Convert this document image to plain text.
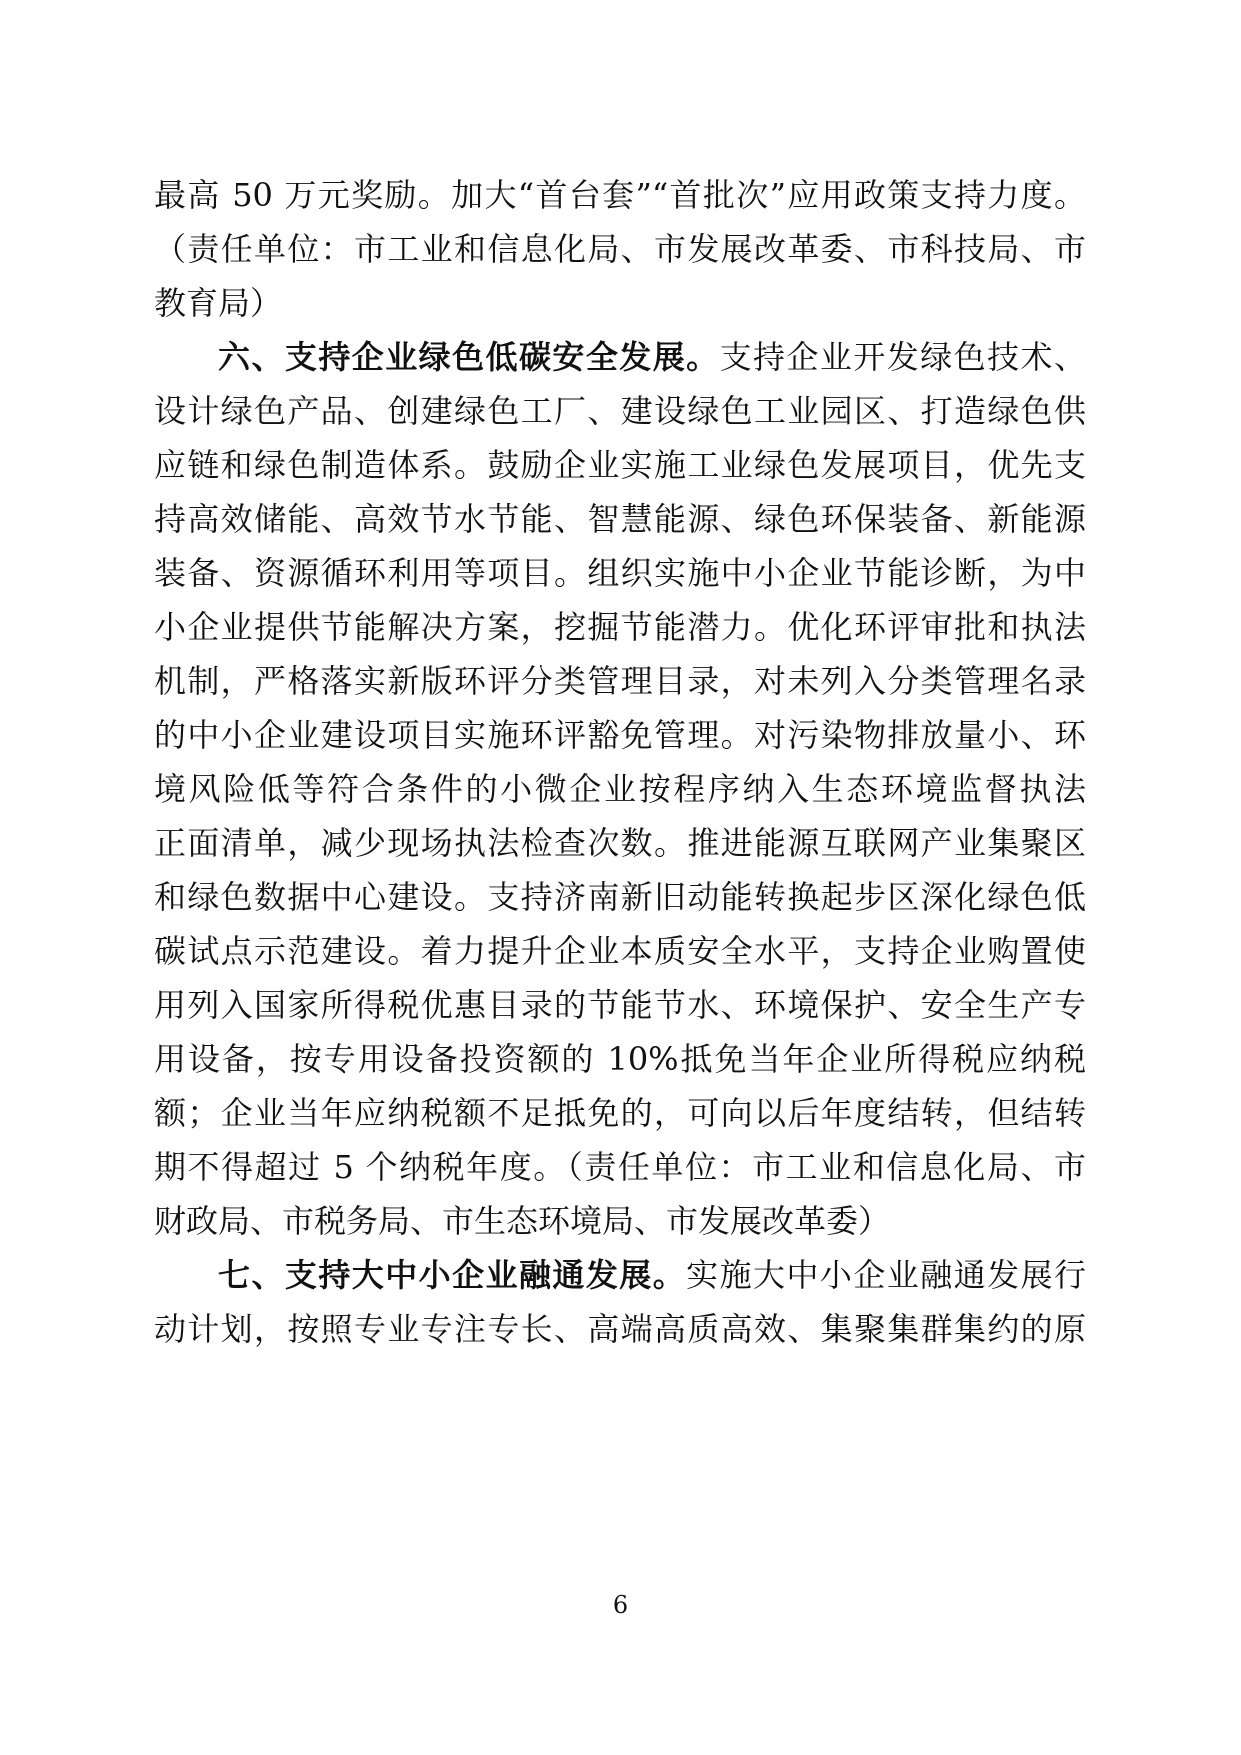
最高 50 万元奖励。加大“首台套”“首批次”应用政策支持力度。
（责任单位：市工业和信息化局、市发展改革委、市科技局、市
教育局）
六、支持企业绿色低碳安全发展。支持企业开发绿色技术、
设计绿色产品、创建绿色工厂、建设绿色工业园区、打造绿色供
应链和绿色制造体系。鼓励企业实施工业绿色发展项目，优先支
持高效储能、高效节水节能、智慧能源、绿色环保装备、新能源
装备、资源循环利用等项目。组织实施中小企业节能诊断，为中
小企业提供节能解决方案，挖掘节能潜力。优化环评审批和执法
机制，严格落实新版环评分类管理目录，对未列入分类管理名录
的中小企业建设项目实施环评豁免管理。对污染物排放量小、环
境风险低等符合条件的小微企业按程序纳入生态环境监督执法
正面清单，减少现场执法检查次数。推进能源互联网产业集聚区
和绿色数据中心建设。支持济南新旧动能转换起步区深化绿色低
碳试点示范建设。着力提升企业本质安全水平，支持企业购置使
用列入国家所得税优惠目录的节能节水、环境保护、安全生产专
用设备，按专用设备投资额的 10%抵免当年企业所得税应纳税
额；企业当年应纳税额不足抵免的，可向以后年度结转，但结转
期不得超过 5 个纳税年度。（责任单位：市工业和信息化局、市
财政局、市税务局、市生态环境局、市发展改革委）
七、支持大中小企业融通发展。实施大中小企业融通发展行
动计划，按照专业专注专长、高端高质高效、集聚集群集约的原
6
